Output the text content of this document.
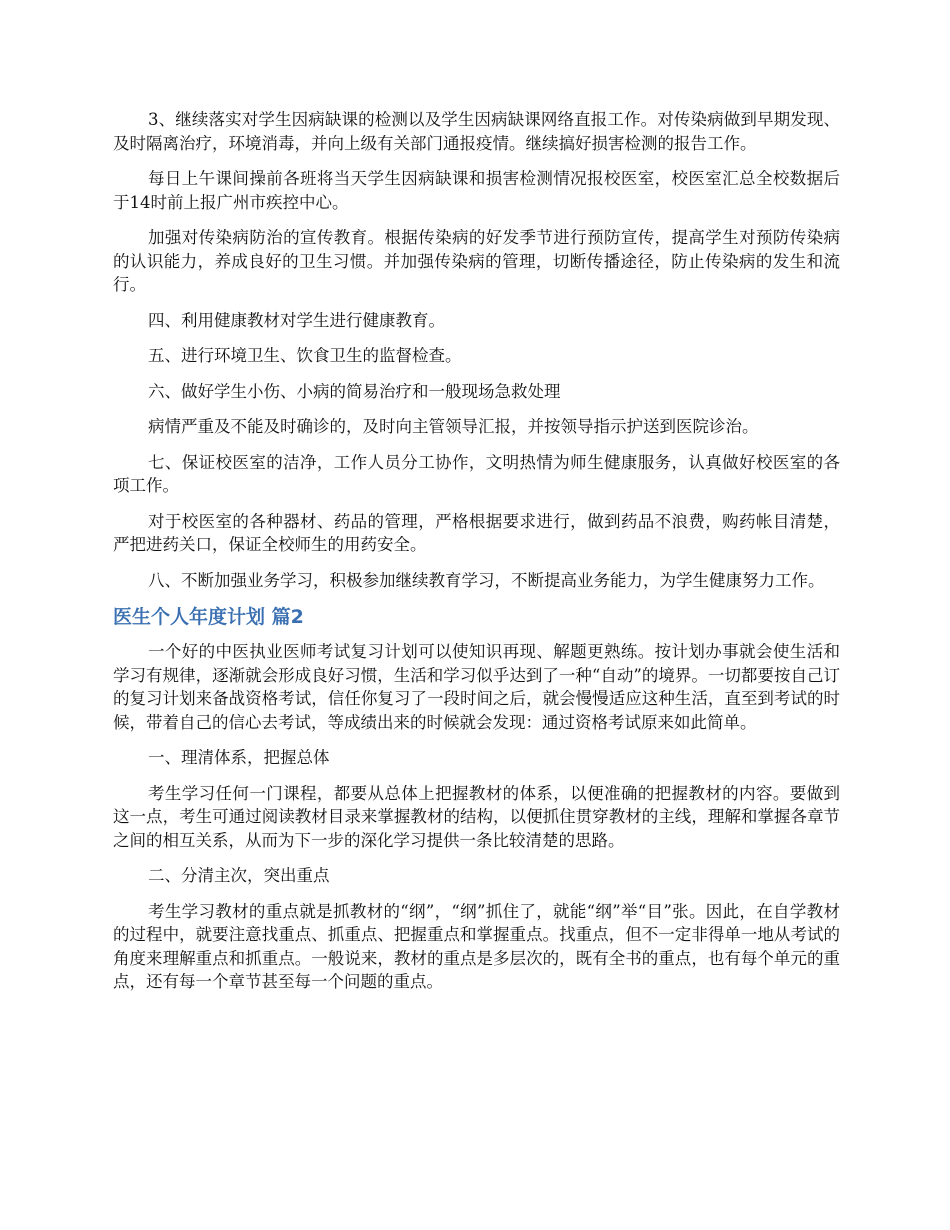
3、继续落实对学生因病缺课的检测以及学生因病缺课网络直报工作。对传染病做到早期发现、及时隔离治疗，环境消毒，并向上级有关部门通报疫情。继续搞好损害检测的报告工作。

每日上午课间操前各班将当天学生因病缺课和损害检测情况报校医室，校医室汇总全校数据后于14时前上报广州市疾控中心。

加强对传染病防治的宣传教育。根据传染病的好发季节进行预防宣传，提高学生对预防传染病的认识能力，养成良好的卫生习惯。并加强传染病的管理，切断传播途径，防止传染病的发生和流行。

四、利用健康教材对学生进行健康教育。

五、进行环境卫生、饮食卫生的监督检查。

六、做好学生小伤、小病的简易治疗和一般现场急救处理

病情严重及不能及时确诊的，及时向主管领导汇报，并按领导指示护送到医院诊治。

七、保证校医室的洁净，工作人员分工协作，文明热情为师生健康服务，认真做好校医室的各项工作。

对于校医室的各种器材、药品的管理，严格根据要求进行，做到药品不浪费，购药帐目清楚，严把进药关口，保证全校师生的用药安全。

八、不断加强业务学习，积极参加继续教育学习，不断提高业务能力，为学生健康努力工作。

医生个人年度计划 篇2

一个好的中医执业医师考试复习计划可以使知识再现、解题更熟练。按计划办事就会使生活和学习有规律，逐渐就会形成良好习惯，生活和学习似乎达到了一种“自动”的境界。一切都要按自己订的复习计划来备战资格考试，信任你复习了一段时间之后，就会慢慢适应这种生活，直至到考试的时候，带着自己的信心去考试，等成绩出来的时候就会发现：通过资格考试原来如此简单。

一、理清体系，把握总体

考生学习任何一门课程，都要从总体上把握教材的体系，以便准确的把握教材的内容。要做到这一点，考生可通过阅读教材目录来掌握教材的结构，以便抓住贯穿教材的主线，理解和掌握各章节之间的相互关系，从而为下一步的深化学习提供一条比较清楚的思路。

二、分清主次，突出重点

考生学习教材的重点就是抓教材的“纲”，“纲”抓住了，就能“纲”举“目”张。因此，在自学教材的过程中，就要注意找重点、抓重点、把握重点和掌握重点。找重点，但不一定非得单一地从考试的角度来理解重点和抓重点。一般说来，教材的重点是多层次的，既有全书的重点，也有每个单元的重点，还有每一个章节甚至每一个问题的重点。
